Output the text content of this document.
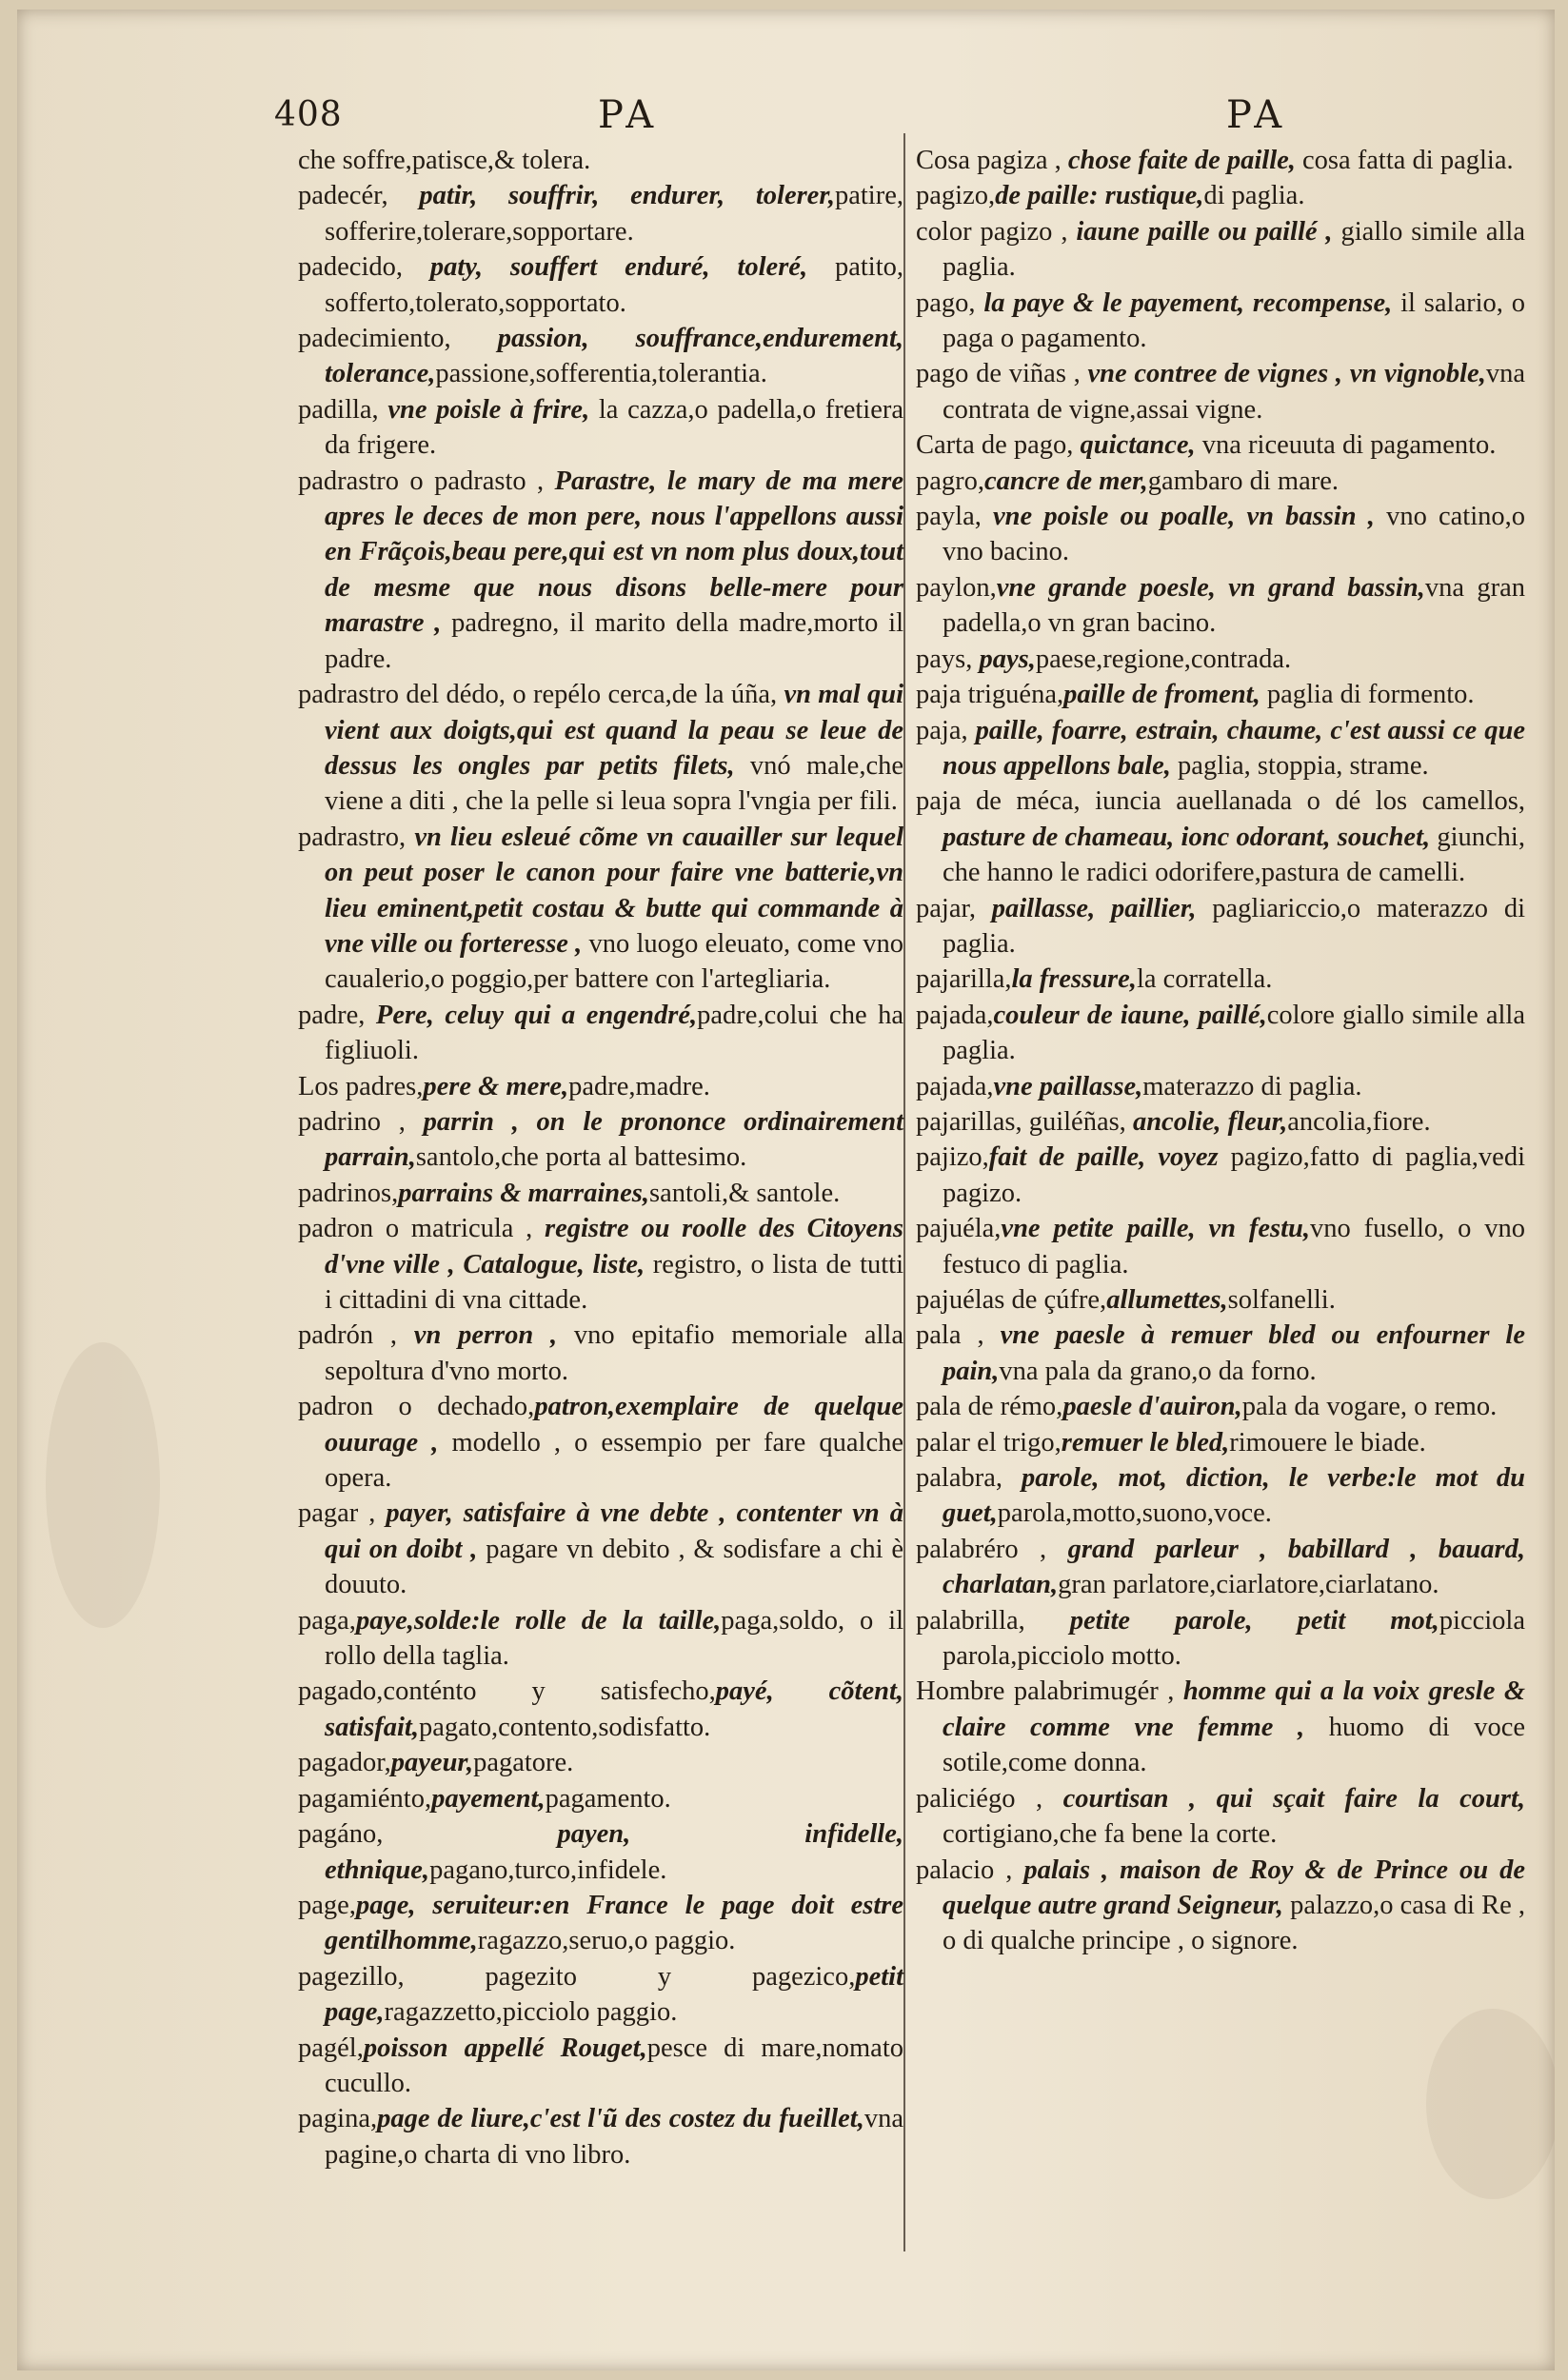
408	PA	PA

che soffre,patisce,& tolera.

padecér, patir, souffrir, endurer, tolerer,patire, sofferire,tolerare,sopportare.

padecido, paty, souffert enduré, toleré, patito, sofferto,tolerato,sopportato.

padecimiento, passion, souffrance,endurement, tolerance,passione,sofferentia,tolerantia.

padilla, vne poisle à frire, la cazza,o padella,o fretiera da frigere.

padrastro o padrasto , Parastre, le mary de ma mere apres le deces de mon pere, nous l'appellons aussi en Frãçois,beau pere,qui est vn nom plus doux,tout de mesme que nous disons belle-mere pour marastre , padregno, il marito della madre,morto il padre.

padrastro del dédo, o repélo cerca,de la úña, vn mal qui vient aux doigts,qui est quand la peau se leue de dessus les ongles par petits filets, vnó male,che viene a diti , che la pelle si leua sopra l'vngia per fili.

padrastro, vn lieu esleué cõme vn cauailler sur lequel on peut poser le canon pour faire vne batterie,vn lieu eminent,petit costau & butte qui commande à vne ville ou forteresse , vno luogo eleuato, come vno caualerio,o poggio,per battere con l'artegliaria.

padre, Pere, celuy qui a engendré,padre,colui che ha figliuoli.

Los padres,pere & mere,padre,madre.

padrino , parrin , on le prononce ordinairement parrain,santolo,che porta al battesimo.

padrinos,parrains & marraines,santoli,& santole.

padron o matricula , registre ou roolle des Citoyens d'vne ville , Catalogue, liste, registro, o lista de tutti i cittadini di vna cittade.

padrón , vn perron , vno epitafio memoriale alla sepoltura d'vno morto.

padron o dechado,patron,exemplaire de quelque ouurage , modello , o essempio per fare qualche opera.

pagar , payer, satisfaire à vne debte , contenter vn à qui on doibt , pagare vn debito , & sodisfare a chi è douuto.

paga,paye,solde:le rolle de la taille,paga,soldo, o il rollo della taglia.

pagado,conténto y satisfecho,payé, cõtent, satisfait,pagato,contento,sodisfatto.

pagador,payeur,pagatore.

pagamiénto,payement,pagamento.

pagáno, payen, infidelle, ethnique,pagano,turco,infidele.

page,page, seruiteur:en France le page doit estre gentilhomme,ragazzo,seruo,o paggio.

pagezillo, pagezito y pagezico,petit page,ragazzetto,picciolo paggio.

pagél,poisson appellé Rouget,pesce di mare,nomato cucullo.

pagina,page de liure,c'est l'ũ des costez du fueillet,vna pagine,o charta di vno libro.

Cosa pagiza , chose faite de paille, cosa fatta di paglia.

pagizo,de paille: rustique,di paglia.

color pagizo , iaune paille ou paillé , giallo simile alla paglia.

pago, la paye & le payement, recompense, il salario, o paga o pagamento.

pago de viñas , vne contree de vignes , vn vignoble,vna contrata de vigne,assai vigne.

Carta de pago, quictance, vna riceuuta di pagamento.

pagro,cancre de mer,gambaro di mare.

payla, vne poisle ou poalle, vn bassin , vno catino,o vno bacino.

paylon,vne grande poesle, vn grand bassin,vna gran padella,o vn gran bacino.

pays, pays,paese,regione,contrada.

paja triguéna,paille de froment, paglia di formento.

paja, paille, foarre, estrain, chaume, c'est aussi ce que nous appellons bale, paglia, stoppia, strame.

paja de méca, iuncia auellanada o dé los camellos, pasture de chameau, ionc odorant, souchet, giunchi, che hanno le radici odorifere,pastura de camelli.

pajar, paillasse, paillier, pagliariccio,o materazzo di paglia.

pajarilla,la fressure,la corratella.

pajada,couleur de iaune, paillé,colore giallo simile alla paglia.

pajada,vne paillasse,materazzo di paglia.

pajarillas, guiléñas, ancolie, fleur,ancolia,fiore.

pajizo,fait de paille, voyez pagizo,fatto di paglia,vedi pagizo.

pajuéla,vne petite paille, vn festu,vno fusello, o vno festuco di paglia.

pajuélas de çúfre,allumettes,solfanelli.

pala , vne paesle à remuer bled ou enfourner le pain,vna pala da grano,o da forno.

pala de rémo,paesle d'auiron,pala da vogare, o remo.

palar el trigo,remuer le bled,rimouere le biade.

palabra, parole, mot, diction, le verbe:le mot du guet,parola,motto,suono,voce.

palabréro , grand parleur , babillard , bauard, charlatan,gran parlatore,ciarlatore,ciarlatano.

palabrilla, petite parole, petit mot,picciola parola,picciolo motto.

Hombre palabrimugér , homme qui a la voix gresle & claire comme vne femme , huomo di voce sotile,come donna.

paliciégo , courtisan , qui sçait faire la court, cortigiano,che fa bene la corte.

palacio , palais , maison de Roy & de Prince ou de quelque autre grand Seigneur, palazzo,o casa di Re , o di qualche principe , o signore.
